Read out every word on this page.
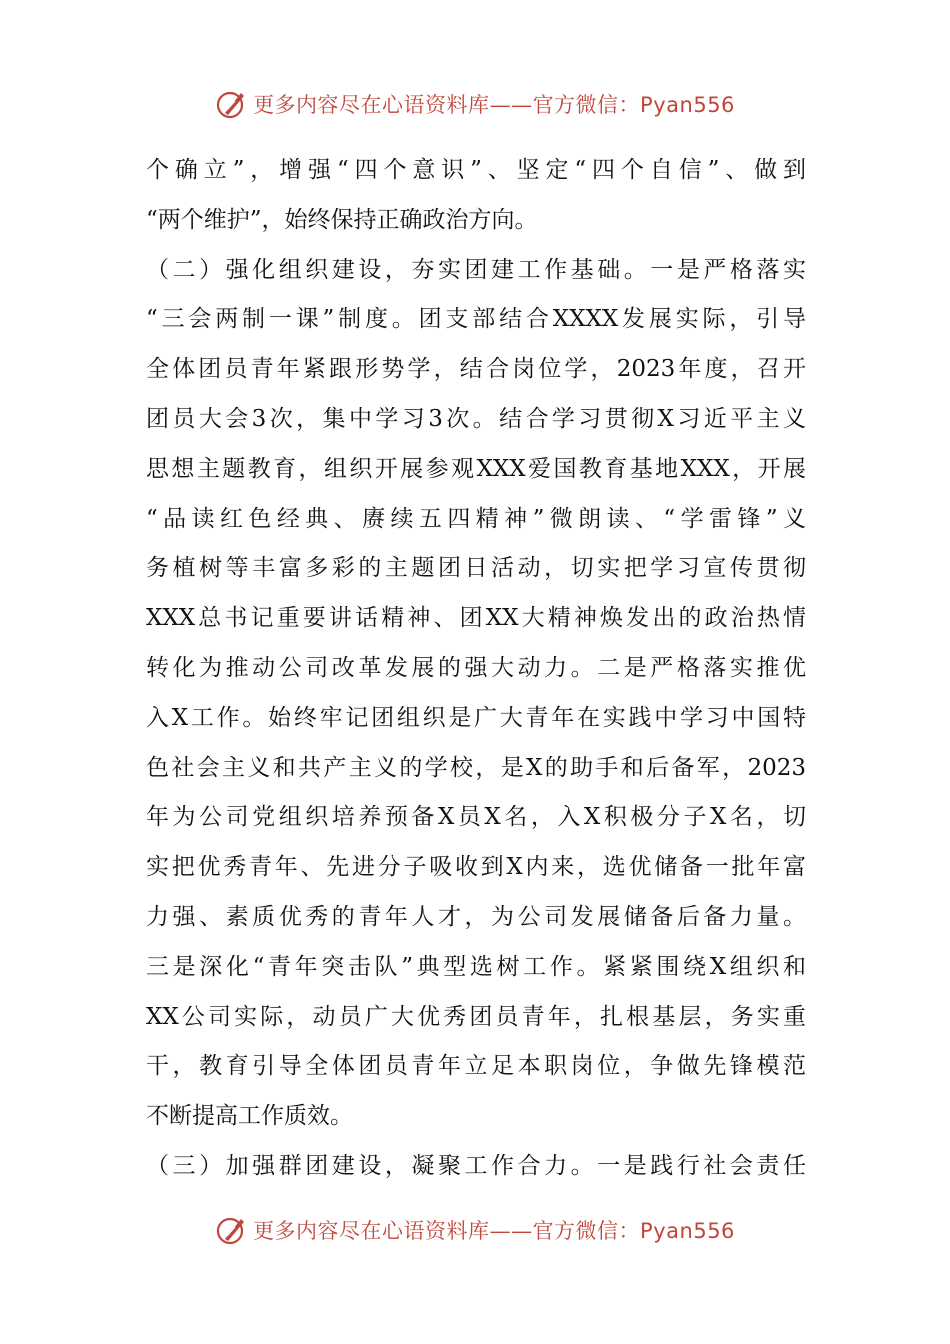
更多内容尽在心语资料库——官方微信：Pyan556
个确立”，增强“四个意识”、坚定“四个自信”、做到
“两个维护”，始终保持正确政治方向。
（二）强化组织建设，夯实团建工作基础。一是严格落实
“三会两制一课”制度。团支部结合XXXX发展实际，引导
全体团员青年紧跟形势学，结合岗位学，2023年度，召开
团员大会3次，集中学习3次。结合学习贯彻X习近平主义
思想主题教育，组织开展参观XXX爱国教育基地XXX，开展
“品读红色经典、赓续五四精神”微朗读、“学雷锋”义
务植树等丰富多彩的主题团日活动，切实把学习宣传贯彻
XXX总书记重要讲话精神、团XX大精神焕发出的政治热情
转化为推动公司改革发展的强大动力。二是严格落实推优
入X工作。始终牢记团组织是广大青年在实践中学习中国特
色社会主义和共产主义的学校，是X的助手和后备军，2023
年为公司党组织培养预备X员X名，入X积极分子X名，切
实把优秀青年、先进分子吸收到X内来，选优储备一批年富
力强、素质优秀的青年人才，为公司发展储备后备力量。
三是深化“青年突击队”典型选树工作。紧紧围绕X组织和
XX公司实际，动员广大优秀团员青年，扎根基层，务实重
干，教育引导全体团员青年立足本职岗位，争做先锋模范
不断提高工作质效。
（三）加强群团建设，凝聚工作合力。一是践行社会责任
更多内容尽在心语资料库——官方微信：Pyan556
